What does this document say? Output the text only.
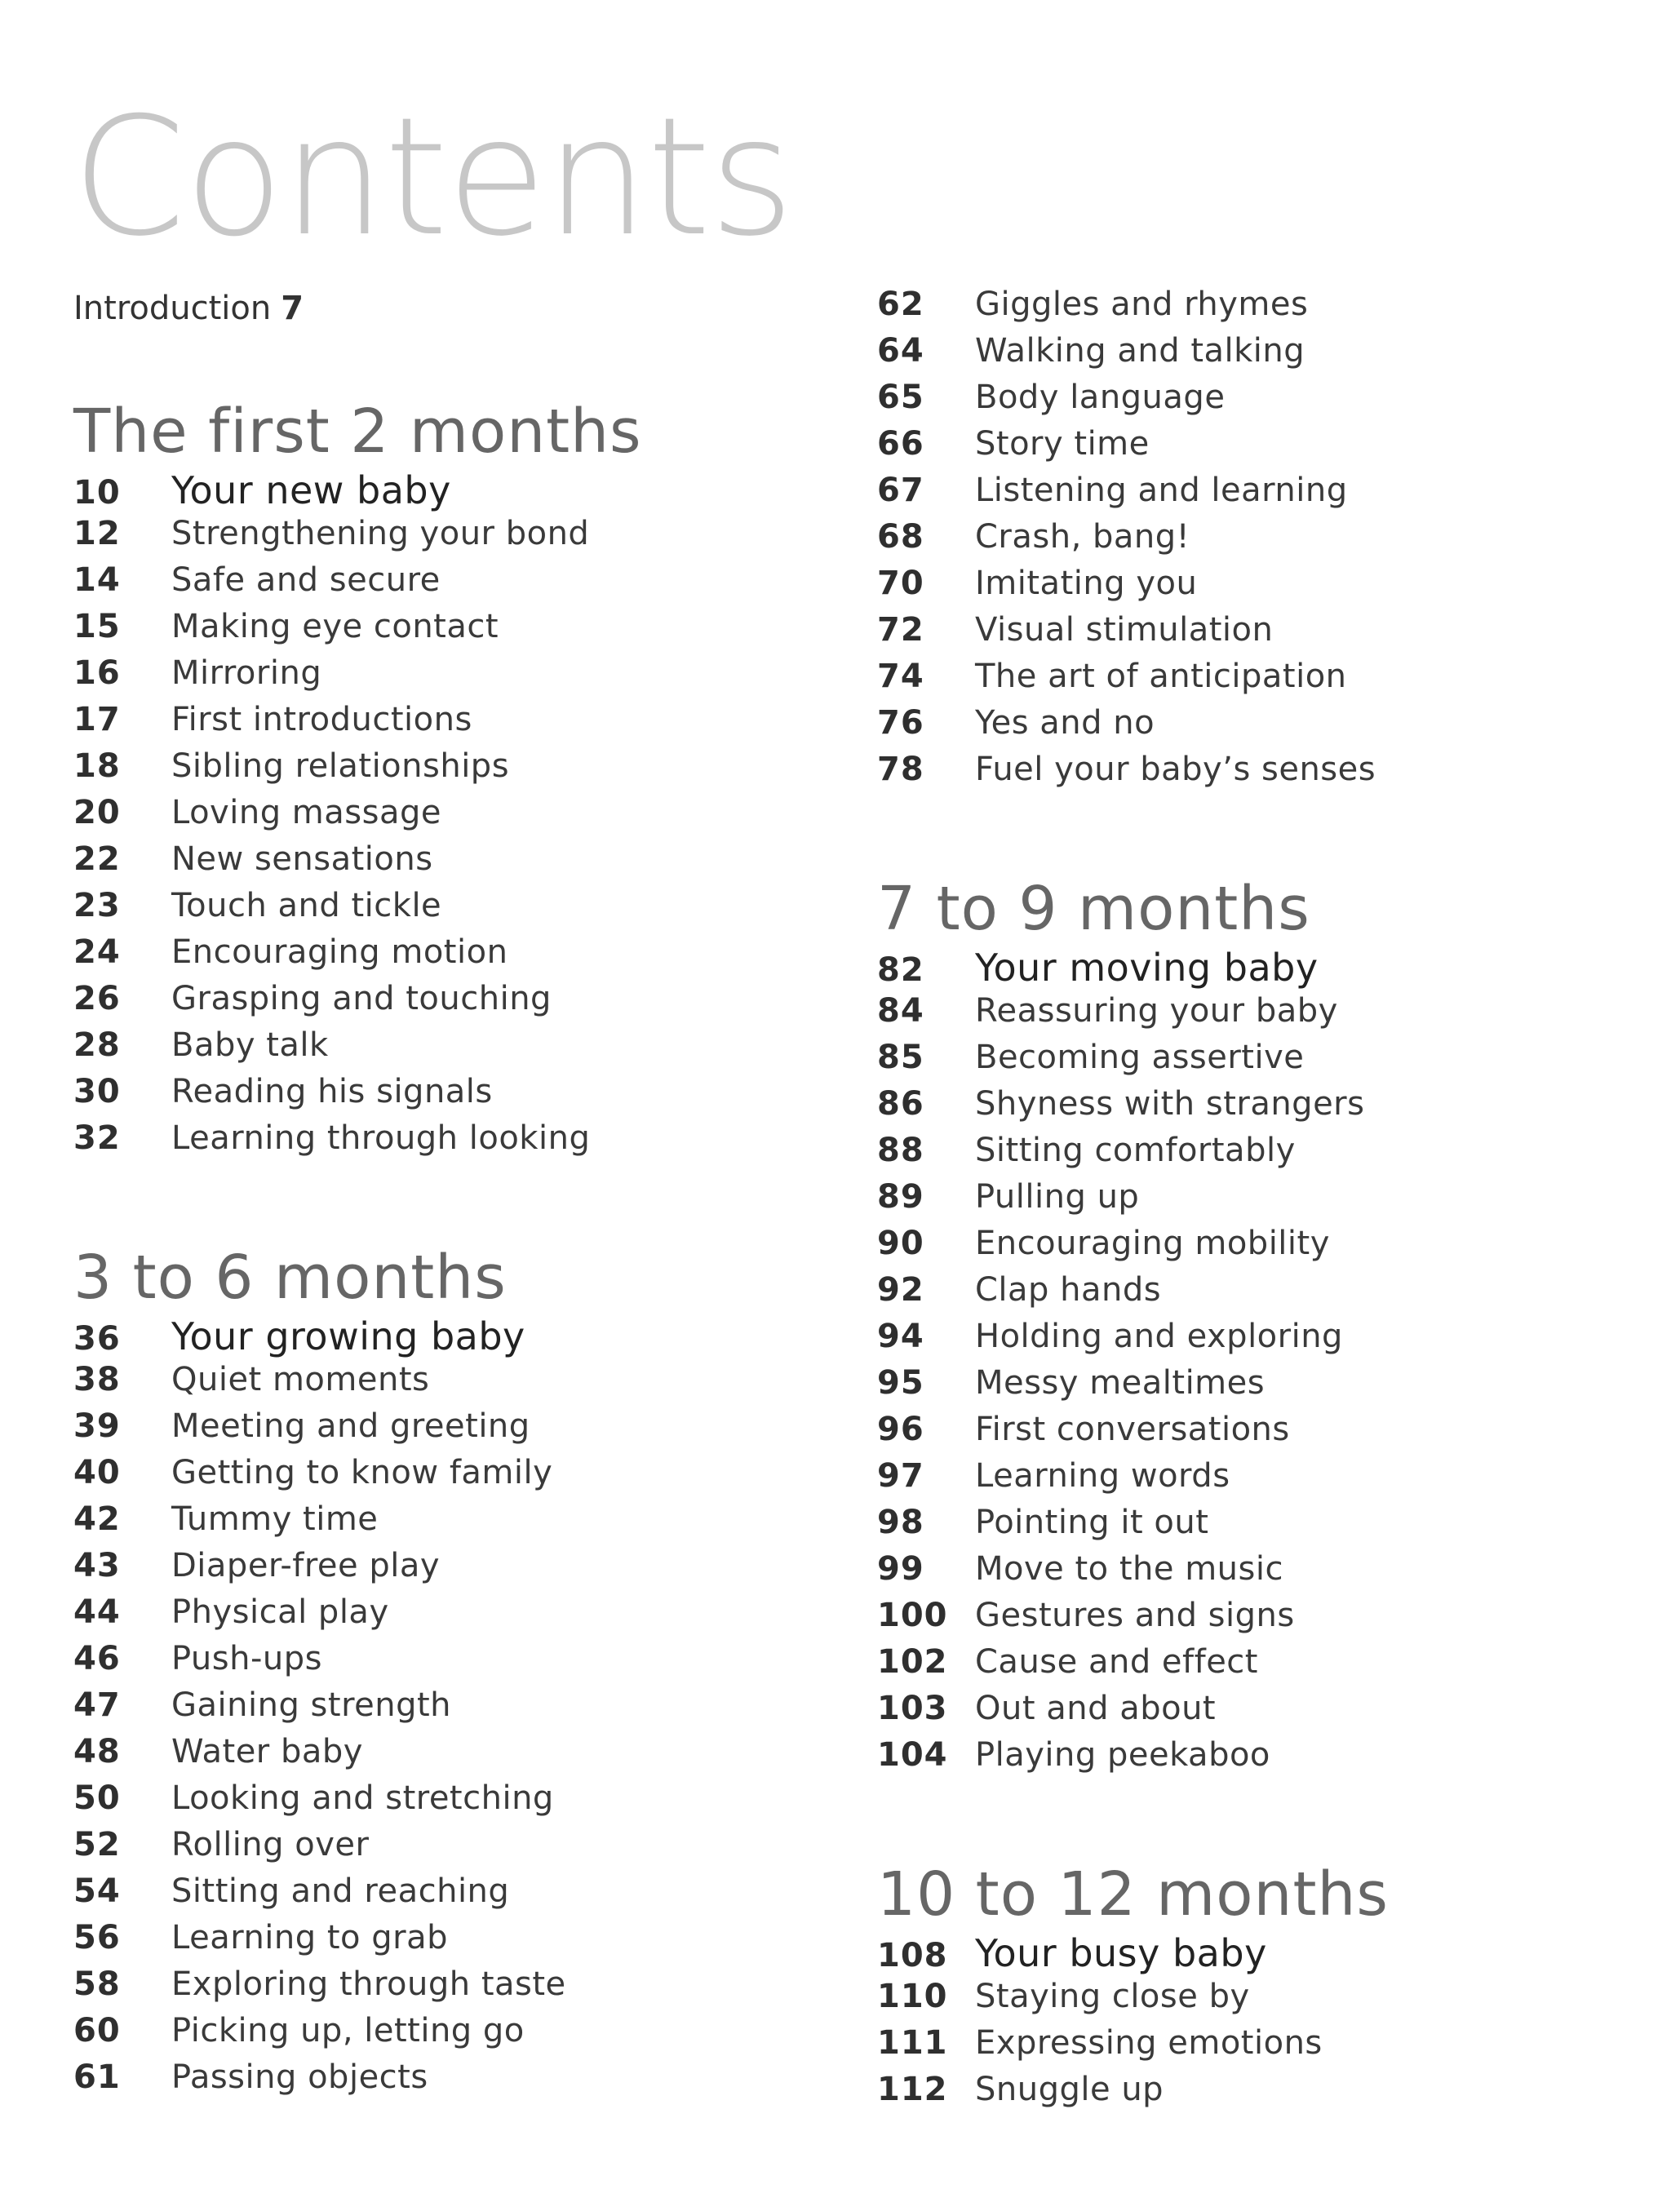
Contents
Introduction 7
The first 2 months
10	Your new baby
12	Strengthening your bond
14	Safe and secure
15	Making eye contact
16	Mirroring
17	First introductions
18	Sibling relationships
20	Loving massage
22	New sensations
23	Touch and tickle
24	Encouraging motion
26	Grasping and touching
28	Baby talk
30	Reading his signals
32	Learning through looking
3 to 6 months
36	Your growing baby
38	Quiet moments
39	Meeting and greeting
40	Getting to know family
42	Tummy time
43	Diaper-free play
44	Physical play
46	Push-ups
47	Gaining strength
48	Water baby
50	Looking and stretching
52	Rolling over
54	Sitting and reaching
56	Learning to grab
58	Exploring through taste
60	Picking up, letting go
61	Passing objects
62	Giggles and rhymes
64	Walking and talking
65	Body language
66	Story time
67	Listening and learning
68	Crash, bang!
70	Imitating you
72	Visual stimulation
74	The art of anticipation
76	Yes and no
78	Fuel your baby’s senses
7 to 9 months
82	Your moving baby
84	Reassuring your baby
85	Becoming assertive
86	Shyness with strangers
88	Sitting comfortably
89	Pulling up
90	Encouraging mobility
92	Clap hands
94	Holding and exploring
95	Messy mealtimes
96	First conversations
97	Learning words
98	Pointing it out
99	Move to the music
100 Gestures and signs
102 Cause and effect
103 Out and about
104 Playing peekaboo
10 to 12 months
108 Your busy baby
110 Staying close by
111 Expressing emotions
112 Snuggle up
